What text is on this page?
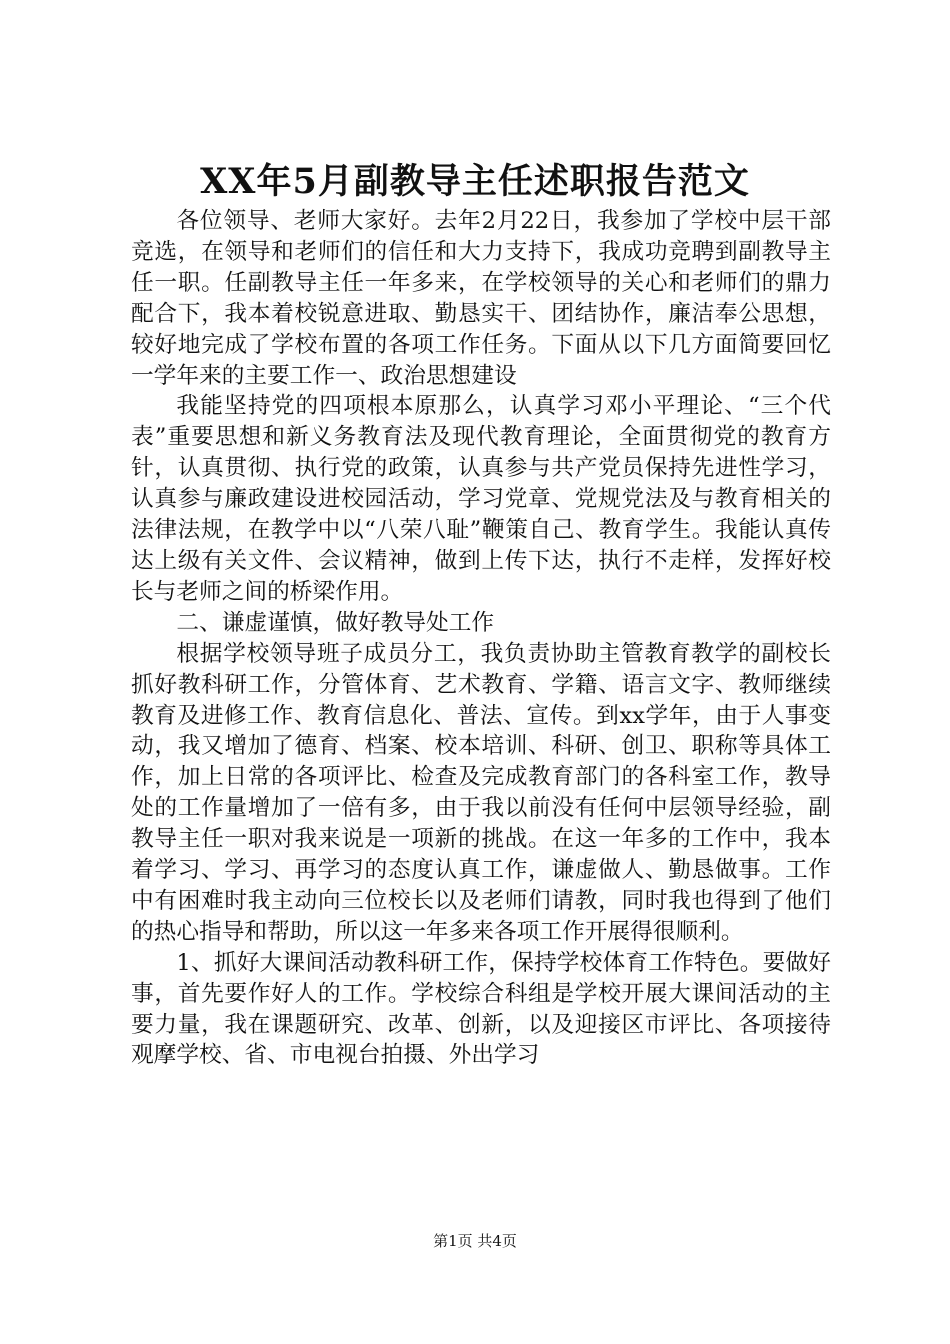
XX年5月副教导主任述职报告范文

各位领导、老师大家好。去年2月22日，我参加了学校中层干部竞选，在领导和老师们的信任和大力支持下，我成功竞聘到副教导主任一职。任副教导主任一年多来，在学校领导的关心和老师们的鼎力配合下，我本着校锐意进取、勤恳实干、团结协作，廉洁奉公思想，较好地完成了学校布置的各项工作任务。下面从以下几方面简要回忆一学年来的主要工作一、政治思想建设

我能坚持党的四项根本原那么，认真学习邓小平理论、“三个代表”重要思想和新义务教育法及现代教育理论，全面贯彻党的教育方针，认真贯彻、执行党的政策，认真参与共产党员保持先进性学习，认真参与廉政建设进校园活动，学习党章、党规党法及与教育相关的法律法规，在教学中以“八荣八耻”鞭策自己、教育学生。我能认真传达上级有关文件、会议精神，做到上传下达，执行不走样，发挥好校长与老师之间的桥梁作用。

二、谦虚谨慎，做好教导处工作

根据学校领导班子成员分工，我负责协助主管教育教学的副校长抓好教科研工作，分管体育、艺术教育、学籍、语言文字、教师继续教育及进修工作、教育信息化、普法、宣传。到xx学年，由于人事变动，我又增加了德育、档案、校本培训、科研、创卫、职称等具体工作，加上日常的各项评比、检查及完成教育部门的各科室工作，教导处的工作量增加了一倍有多，由于我以前没有任何中层领导经验，副教导主任一职对我来说是一项新的挑战。在这一年多的工作中，我本着学习、学习、再学习的态度认真工作，谦虚做人、勤恳做事。工作中有困难时我主动向三位校长以及老师们请教，同时我也得到了他们的热心指导和帮助，所以这一年多来各项工作开展得很顺利。

1、抓好大课间活动教科研工作，保持学校体育工作特色。要做好事，首先要作好人的工作。学校综合科组是学校开展大课间活动的主要力量，我在课题研究、改革、创新，以及迎接区市评比、各项接待观摩学校、省、市电视台拍摄、外出学习

第1页 共4页
